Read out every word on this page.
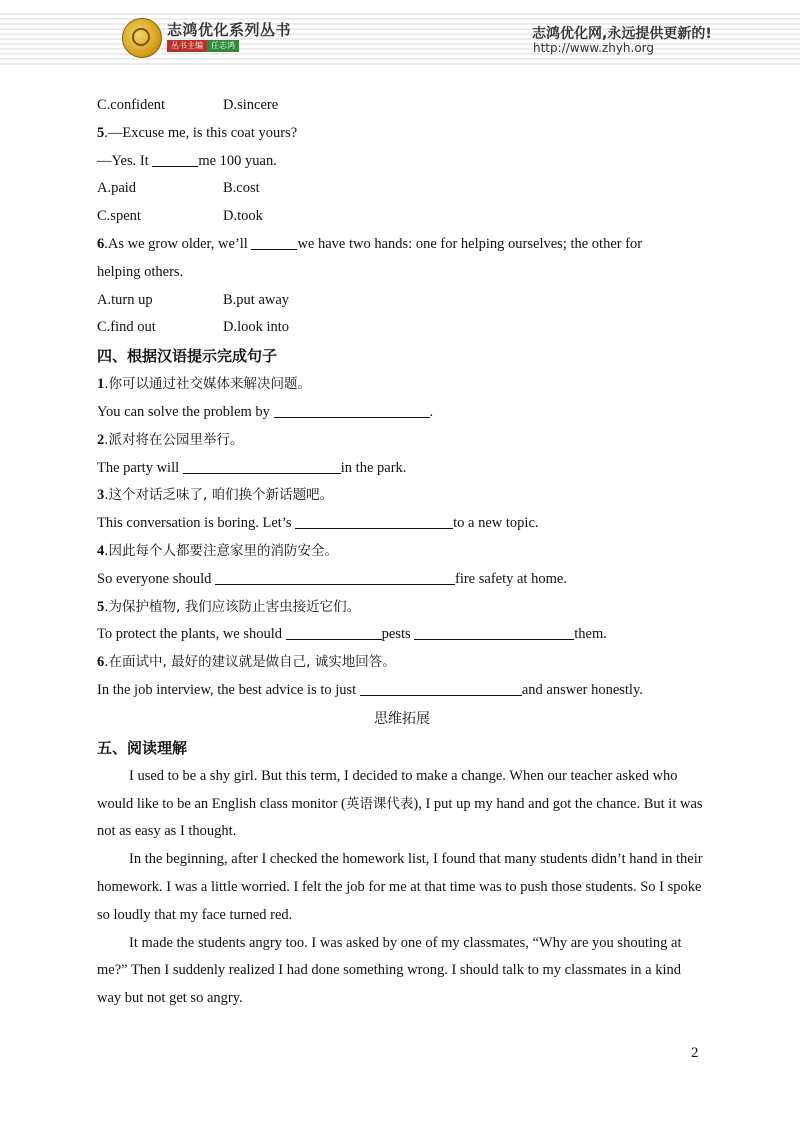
志鸿优化系列丛书
丛书主编	任志鸿
志鸿优化网,永远提供更新的!
http://www.zhyh.org
C.confident	D.sincere
5.—Excuse me, is this coat yours?
—Yes. It	me 100 yuan.
A.paid	B.cost
C.spent	D.took
6.As we grow older, we’ll	we have two hands: one for helping ourselves; the other for
helping others.
A.turn up	B.put away
C.find out	D.look into
四、根据汉语提示完成句子
1.你可以通过社交媒体来解决问题。
You can solve the problem by	.
2.派对将在公园里举行。
The party will	in the park.
3.这个对话乏味了, 咱们换个新话题吧。
This conversation is boring. Let’s	to a new topic.
4.因此每个人都要注意家里的消防安全。
So everyone should	fire safety at home.
5.为保护植物, 我们应该防止害虫接近它们。
To protect the plants, we should	pests	them.
6.在面试中, 最好的建议就是做自己, 诚实地回答。
In the job interview, the best advice is to just	and answer honestly.
思维拓展
五、阅读理解

I used to be a shy girl. But this term, I decided to make a change. When our teacher asked who would like to be an English class monitor (英语课代表), I put up my hand and got the chance. But it was not as easy as I thought.

In the beginning, after I checked the homework list, I found that many students didn’t hand in their homework. I was a little worried. I felt the job for me at that time was to push those students. So I spoke so loudly that my face turned red.

It made the students angry too. I was asked by one of my classmates, “Why are you shouting at me?” Then I suddenly realized I had done something wrong. I should talk to my classmates in a kind way but not get so angry.

2
